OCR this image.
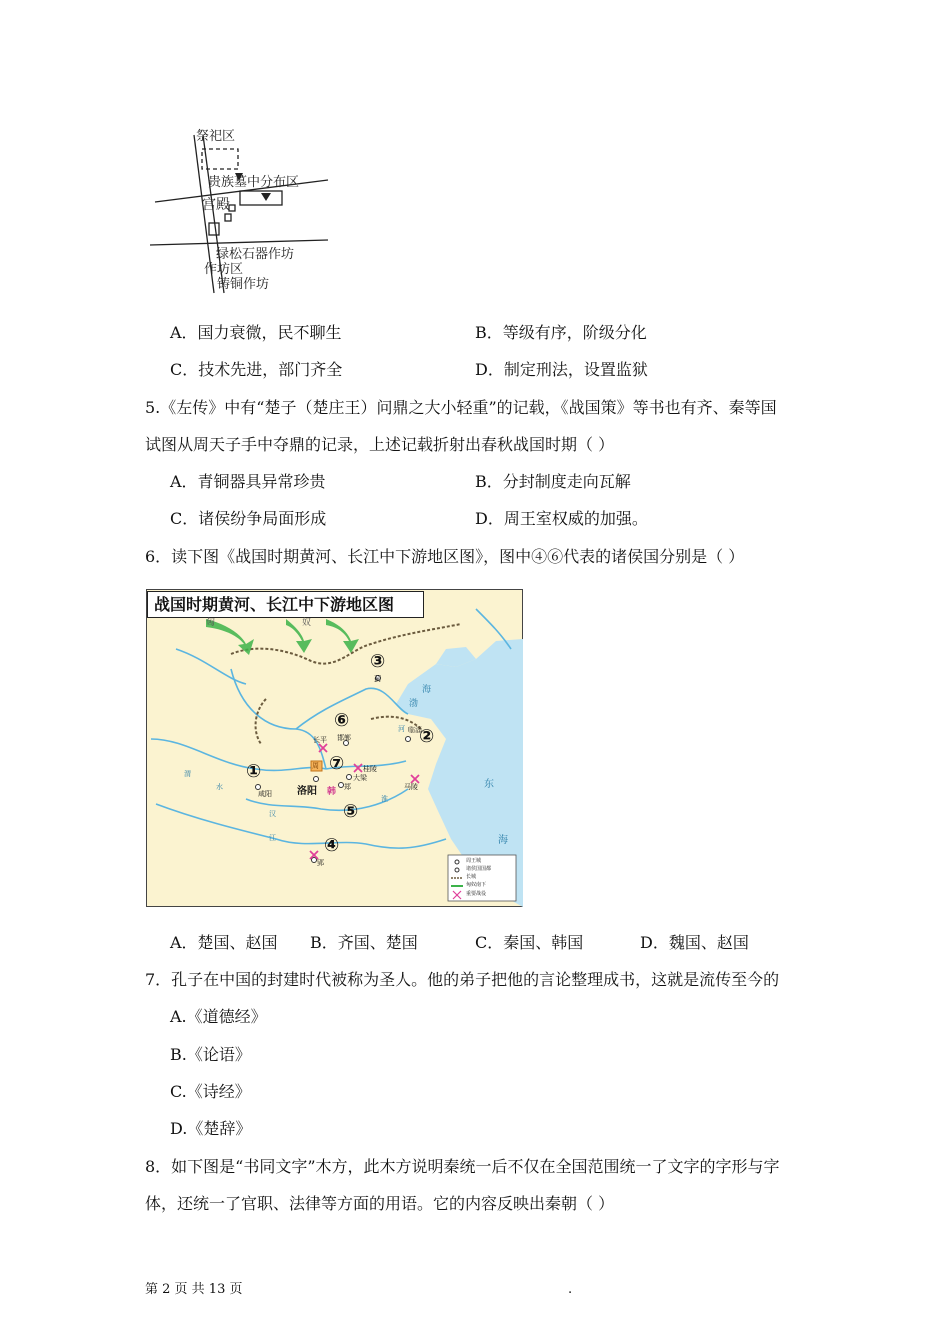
祭祀区
贵族墓中分布区
宫殿
绿松石器作坊
作坊区
铸铜作坊
A．国力衰微，民不聊生	B．等级有序，阶级分化
C．技术先进，部门齐全	D．制定刑法，设置监狱
5.《左传》中有“楚子（楚庄王）问鼎之大小轻重”的记载，《战国策》等书也有齐、秦等国
试图从周天子手中夺鼎的记录，上述记载折射出春秋战国时期（ ）
A．青铜器具异常珍贵	B．分封制度走向瓦解
C．诸侯纷争局面形成	D．周王室权威的加强。
6．读下图《战国时期黄河、长江中下游地区图》，图中④⑥代表的诸侯国分别是（ ）
战国时期黄河、长江中下游地区图
匈	奴
渤
海
东
海
河
渭
水
汉
江
淮
蓟
临淄
邯郸
长平
桂陵
大梁
马陵
咸阳	洛阳	郑
韩
郢
周
③
②
⑥
⑦
①
⑤
④
周王城
诸侯国国都
长城
匈奴南下
重要战役
A．楚国、赵国 B．齐国、楚国	C．秦国、韩国	D．魏国、赵国
7．孔子在中国的封建时代被称为圣人。他的弟子把他的言论整理成书，这就是流传至今的
A.《道德经》
B.《论语》
C.《诗经》
D.《楚辞》
8．如下图是“书同文字”木方，此木方说明秦统一后不仅在全国范围统一了文字的字形与字
体，还统一了官职、法律等方面的用语。它的内容反映出秦朝（ ）
第 2 页 共 13 页	.
